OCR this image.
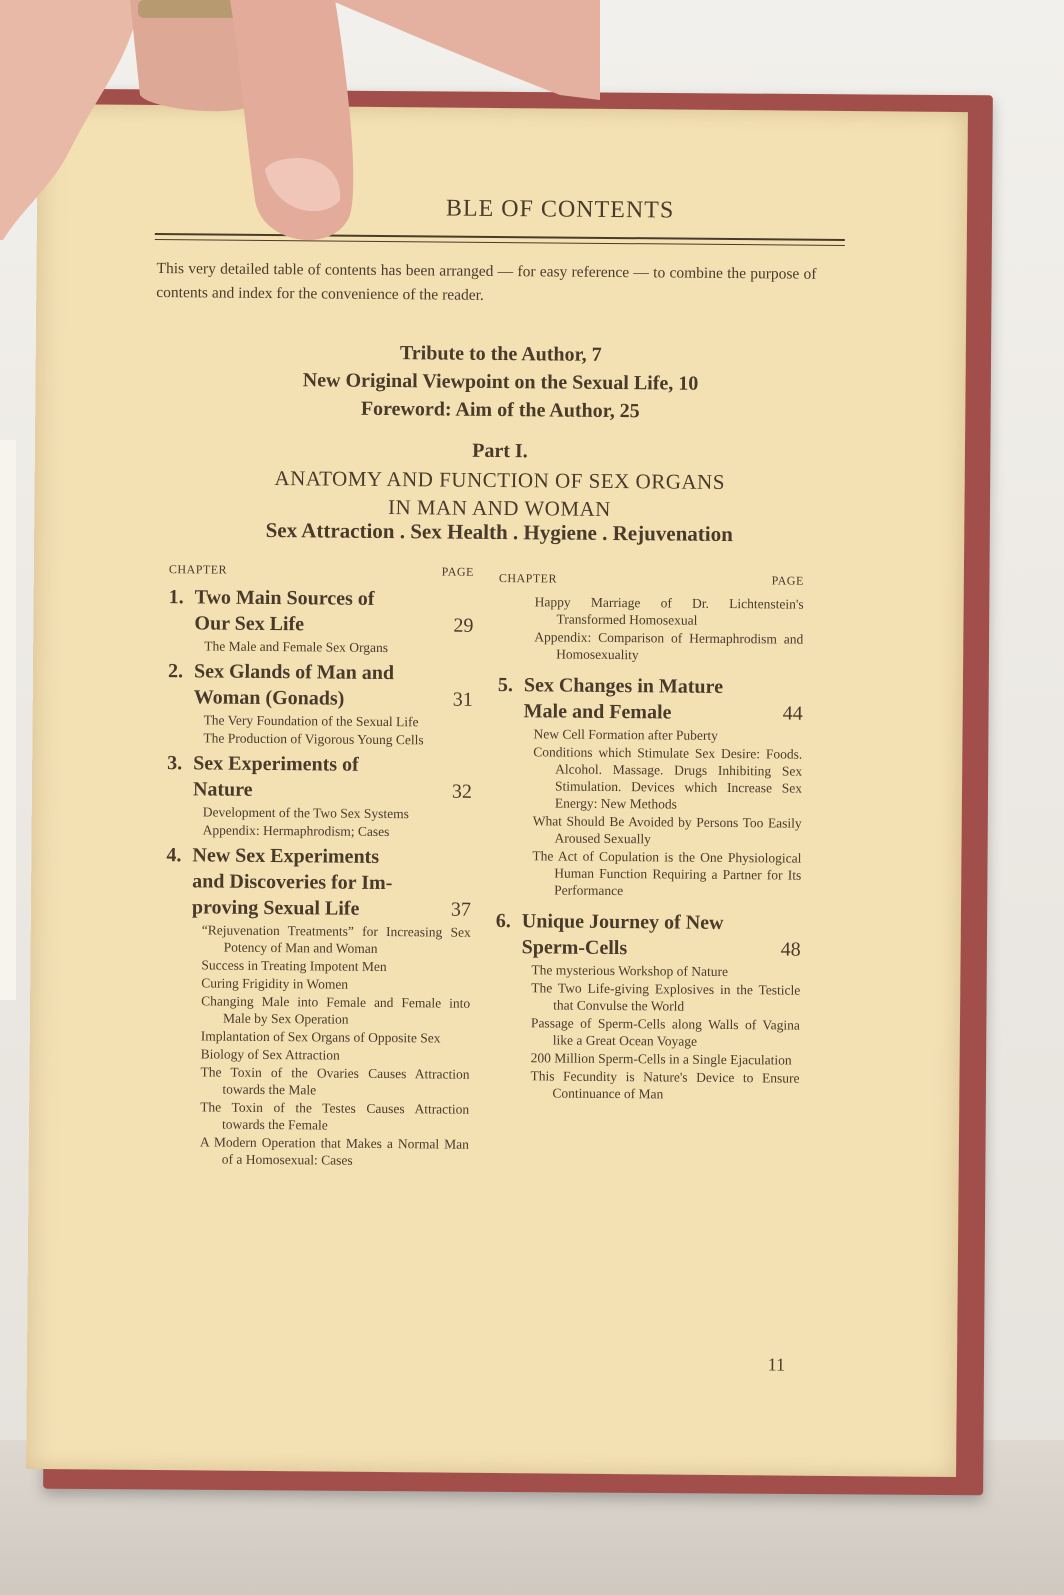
BLE OF CONTENTS
This very detailed table of contents has been arranged — for easy reference — to combine the purpose of contents and index for the convenience of the reader.
Tribute to the Author, 7
New Original Viewpoint on the Sexual Life, 10
Foreword: Aim of the Author, 25
Part I.
ANATOMY AND FUNCTION OF SEX ORGANS
IN MAN AND WOMAN
Sex Attraction . Sex Health . Hygiene . Rejuvenation
CHAPTER	PAGE
1. Two Main Sources of
29
Our Sex Life
The Male and Female Sex Organs
2. Sex Glands of Man and
31
Woman (Gonads)
The Very Foundation of the Sexual Life
The Production of Vigorous Young Cells
3. Sex Experiments of
32
Nature
Development of the Two Sex Systems
Appendix: Hermaphrodism; Cases
4. New Sex Experiments
and Discoveries for Im-
37
proving Sexual Life
“Rejuvenation Treatments” for Increasing Sex Potency of Man and Woman
Success in Treating Impotent Men
Curing Frigidity in Women
Changing Male into Female and Female into Male by Sex Operation
Implantation of Sex Organs of Opposite Sex
Biology of Sex Attraction
The Toxin of the Ovaries Causes Attraction towards the Male
The Toxin of the Testes Causes Attraction towards the Female
A Modern Operation that Makes a Normal Man of a Homosexual: Cases
CHAPTER	PAGE
Happy Marriage of Dr. Lichtenstein's Transformed Homosexual
Appendix: Comparison of Hermaphrodism and Homosexuality
5. Sex Changes in Mature
44
Male and Female
New Cell Formation after Puberty
Conditions which Stimulate Sex Desire: Foods. Alcohol. Massage. Drugs Inhibiting Sex Stimulation. Devices which Increase Sex Energy: New Methods
What Should Be Avoided by Persons Too Easily Aroused Sexually
The Act of Copulation is the One Physiological Human Function Requiring a Partner for Its Performance
6. Unique Journey of New
48
Sperm-Cells
The mysterious Workshop of Nature
The Two Life-giving Explosives in the Testicle that Convulse the World
Passage of Sperm-Cells along Walls of Vagina like a Great Ocean Voyage
200 Million Sperm-Cells in a Single Ejaculation
This Fecundity is Nature's Device to Ensure Continuance of Man
11
